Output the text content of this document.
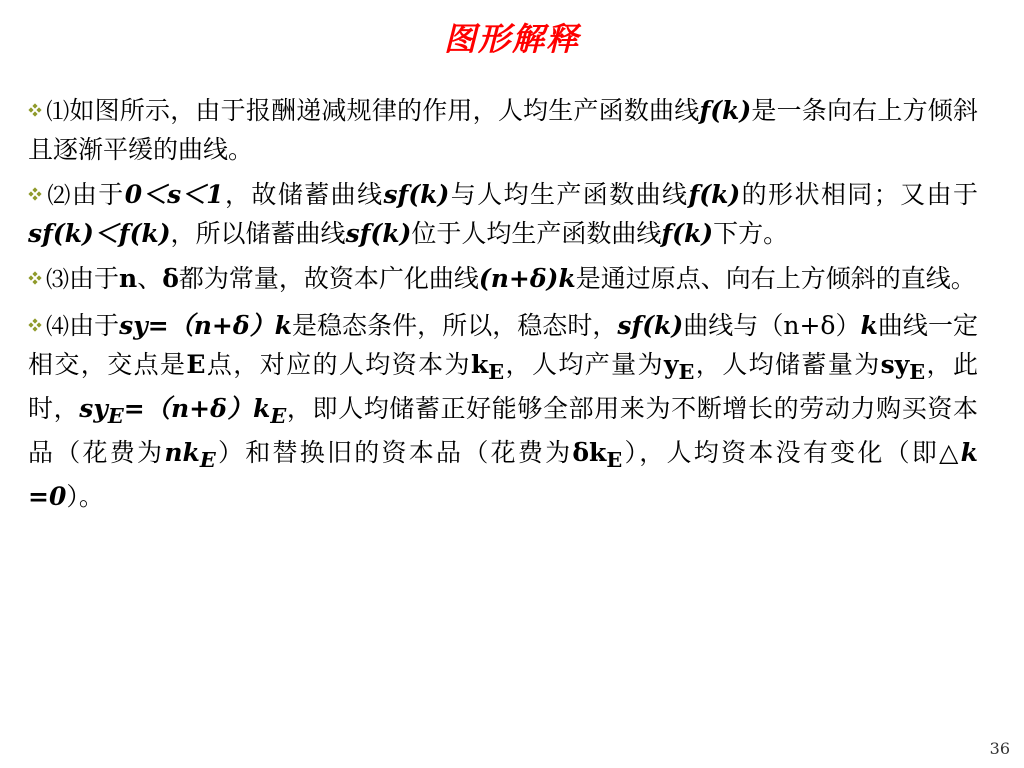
图形解释
⑴如图所示，由于报酬递减规律的作用，人均生产函数曲线f(k)是一条向右上方倾斜且逐渐平缓的曲线。
⑵由于0＜s＜1，故储蓄曲线sf(k)与人均生产函数曲线f(k)的形状相同；又由于sf(k)＜f(k)，所以储蓄曲线sf(k)位于人均生产函数曲线f(k)下方。
⑶由于n、δ都为常量，故资本广化曲线(n+δ)k是通过原点、向右上方倾斜的直线。
⑷由于sy=（n+δ）k是稳态条件，所以，稳态时，sf(k)曲线与（n+δ）k曲线一定相交，交点是E点，对应的人均资本为$k_E$，人均产量为$y_E$，人均储蓄量为$sy_E$，此时，$sy_E=(n+\delta)k_E$，即人均储蓄正好能够全部用来为不断增长的劳动力购买资本品（花费为$nk_E$）和替换旧的资本品（花费为$\delta k_E$），人均资本没有变化（即△k =0）。
36
